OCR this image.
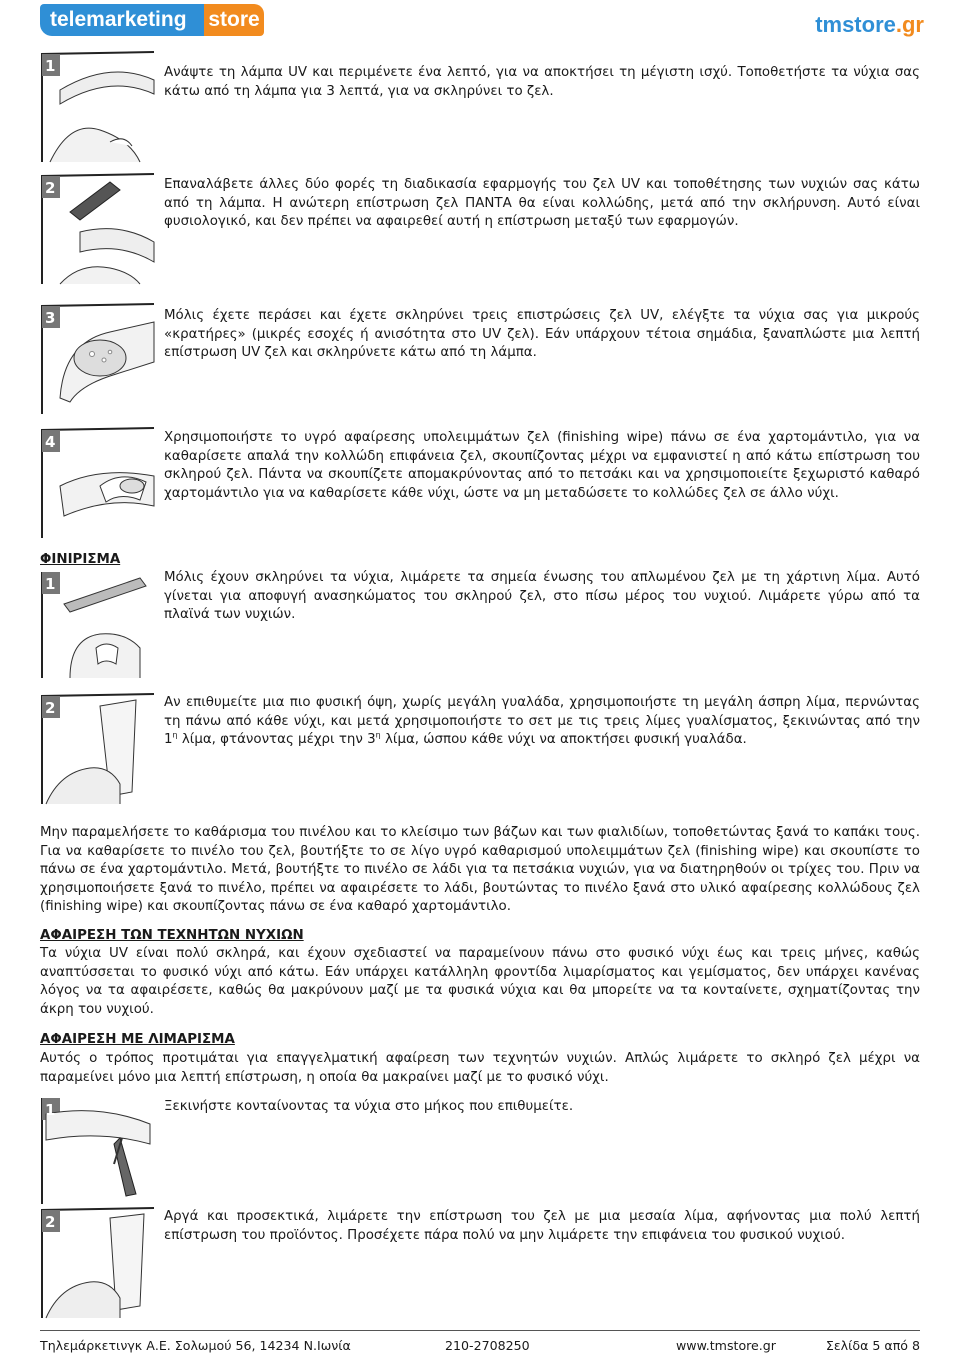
telemarketing	store	tmstore.gr
1	Ανάψτε τη λάμπα UV και περιμένετε ένα λεπτό, για να αποκτήσει τη μέγιστη ισχύ. Τοποθετήστε τα νύχια σας κάτω από τη λάμπα για 3 λεπτά, για να σκληρύνει το ζελ.
2	Επαναλάβετε άλλες δύο φορές τη διαδικασία εφαρμογής του ζελ UV και τοποθέτησης των νυχιών σας κάτω από τη λάμπα. Η ανώτερη επίστρωση ζελ ΠΑΝΤΑ θα είναι κολλώδης, μετά από την σκλήρυνση. Αυτό είναι φυσιολογικό, και δεν πρέπει να αφαιρεθεί αυτή η επίστρωση μεταξύ των εφαρμογών.
3	Μόλις έχετε περάσει και έχετε σκληρύνει τρεις επιστρώσεις ζελ UV, ελέγξτε τα νύχια σας για μικρούς «κρατήρες» (μικρές εσοχές ή ανισότητα στο UV ζελ). Εάν υπάρχουν τέτοια σημάδια, ξαναπλώστε μια λεπτή επίστρωση UV ζελ και σκληρύνετε κάτω από τη λάμπα.
4	Χρησιμοποιήστε το υγρό αφαίρεσης υπολειμμάτων ζελ (finishing wipe) πάνω σε ένα χαρτομάντιλο, για να καθαρίσετε απαλά την κολλώδη επιφάνεια ζελ, σκουπίζοντας μέχρι να εμφανιστεί η από κάτω επίστρωση του σκληρού ζελ. Πάντα να σκουπίζετε απομακρύνοντας από το πετσάκι και να χρησιμοποιείτε ξεχωριστό καθαρό χαρτομάντιλο για να καθαρίσετε κάθε νύχι, ώστε να μη μεταδώσετε το κολλώδες ζελ σε άλλο νύχι.
ΦΙΝΙΡΙΣΜΑ
1	Μόλις έχουν σκληρύνει τα νύχια, λιμάρετε τα σημεία ένωσης του απλωμένου ζελ με τη χάρτινη λίμα. Αυτό γίνεται για αποφυγή ανασηκώματος του σκληρού ζελ, στο πίσω μέρος του νυχιού. Λιμάρετε γύρω από τα πλαϊνά των νυχιών.
2	Αν επιθυμείτε μια πιο φυσική όψη, χωρίς μεγάλη γυαλάδα, χρησιμοποιήστε τη μεγάλη άσπρη λίμα, περνώντας τη πάνω από κάθε νύχι, και μετά χρησιμοποιήστε το σετ με τις τρεις λίμες γυαλίσματος, ξεκινώντας από την $1^\eta$ λίμα, φτάνοντας μέχρι την $3^\eta$ λίμα, ώσπου κάθε νύχι να αποκτήσει φυσική γυαλάδα.
Μην παραμελήσετε το καθάρισμα του πινέλου και το κλείσιμο των βάζων και των φιαλιδίων, τοποθετώντας ξανά το καπάκι τους. Για να καθαρίσετε το πινέλο του ζελ, βουτήξτε το σε λίγο υγρό καθαρισμού υπολειμμάτων ζελ (finishing wipe) και σκουπίστε το πάνω σε ένα χαρτομάντιλο. Μετά, βουτήξτε το πινέλο σε λάδι για τα πετσάκια νυχιών, για να διατηρηθούν οι τρίχες του. Πριν να χρησιμοποιήσετε ξανά το πινέλο, πρέπει να αφαιρέσετε το λάδι, βουτώντας το πινέλο ξανά στο υλικό αφαίρεσης κολλώδους ζελ (finishing wipe) και σκουπίζοντας πάνω σε ένα καθαρό χαρτομάντιλο.
ΑΦΑΙΡΕΣΗ ΤΩΝ ΤΕΧΝΗΤΩΝ ΝΥΧΙΩΝ
Τα νύχια UV είναι πολύ σκληρά, και έχουν σχεδιαστεί να παραμείνουν πάνω στο φυσικό νύχι έως και τρεις μήνες, καθώς αναπτύσσεται το φυσικό νύχι από κάτω. Εάν υπάρχει κατάλληλη φροντίδα λιμαρίσματος και γεμίσματος, δεν υπάρχει κανένας λόγος να τα αφαιρέσετε, καθώς θα μακρύνουν μαζί με τα φυσικά νύχια και θα μπορείτε να τα κονταίνετε, σχηματίζοντας την άκρη του νυχιού.
ΑΦΑΙΡΕΣΗ ΜΕ ΛΙΜΑΡΙΣΜΑ
Αυτός ο τρόπος προτιμάται για επαγγελματική αφαίρεση των τεχνητών νυχιών. Απλώς λιμάρετε το σκληρό ζελ μέχρι να παραμείνει μόνο μια λεπτή επίστρωση, η οποία θα μακραίνει μαζί με το φυσικό νύχι.
1	Ξεκινήστε κονταίνοντας τα νύχια στο μήκος που επιθυμείτε.
2	Αργά και προσεκτικά, λιμάρετε την επίστρωση του ζελ με μια μεσαία λίμα, αφήνοντας μια πολύ λεπτή επίστρωση του προϊόντος. Προσέχετε πάρα πολύ να μην λιμάρετε την επιφάνεια του φυσικού νυχιού.
Τηλεμάρκετινγκ Α.Ε. Σολωμού 56, 14234 Ν.Ιωνία	210-2708250	www.tmstore.gr	Σελίδα 5 από 8
